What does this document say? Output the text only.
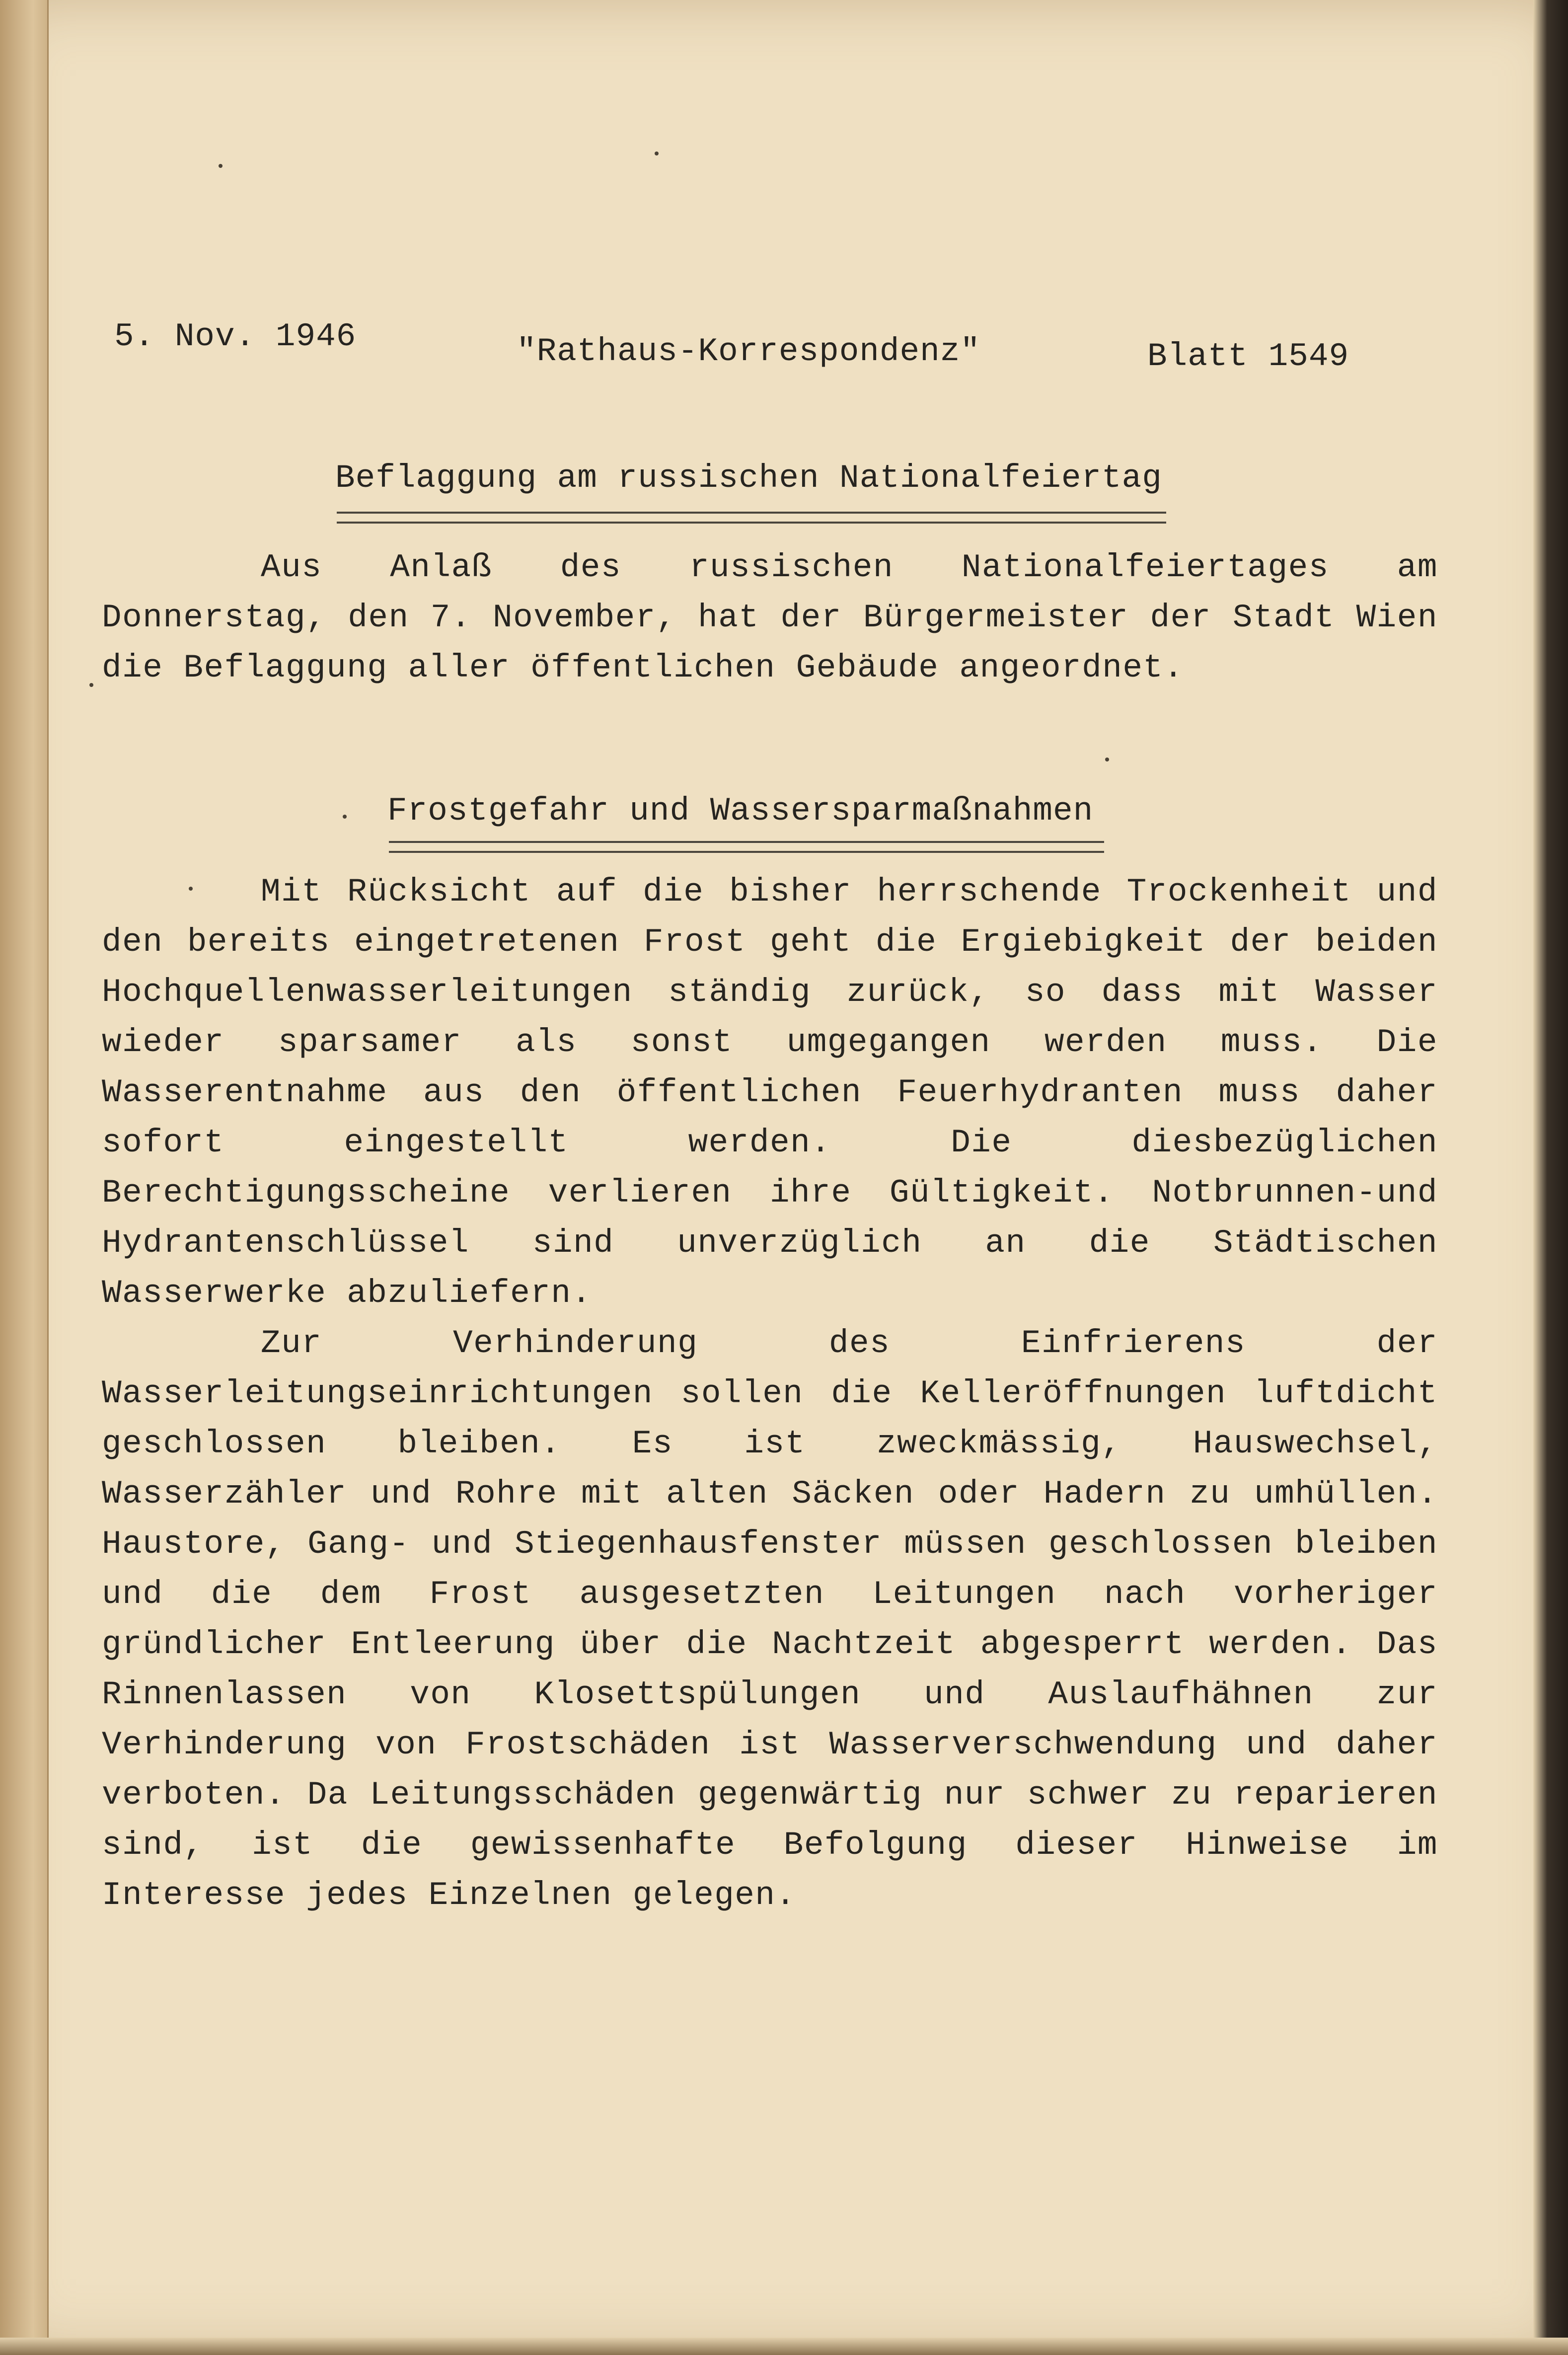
5. Nov. 1946	"Rathaus-Korrespondenz"	Blatt 1549
Beflaggung am russischen Nationalfeiertag

Aus Anlaß des russischen Nationalfeiertages am Donnerstag, den 7. November, hat der Bürgermeister der Stadt Wien die Beflaggung aller öffentlichen Gebäude angeordnet.

Frostgefahr und Wassersparmaßnahmen

Mit Rücksicht auf die bisher herrschende Trockenheit und den bereits eingetretenen Frost geht die Ergiebigkeit der beiden Hochquellenwasserleitungen ständig zurück, so dass mit Wasser wieder sparsamer als sonst umgegangen werden muss. Die Wasserentnahme aus den öffentlichen Feuerhydranten muss daher sofort eingestellt werden. Die diesbezüglichen Berechtigungsscheine verlieren ihre Gültigkeit. Notbrunnen-und Hydrantenschlüssel sind unverzüglich an die Städtischen Wasserwerke abzuliefern.

Zur Verhinderung des Einfrierens der Wasserleitungseinrichtungen sollen die Kelleröffnungen luftdicht geschlossen bleiben. Es ist zweckmässig, Hauswechsel, Wasserzähler und Rohre mit alten Säcken oder Hadern zu umhüllen. Haustore, Gang- und Stiegenhausfenster müssen geschlossen bleiben und die dem Frost ausgesetzten Leitungen nach vorheriger gründlicher Entleerung über die Nachtzeit abgesperrt werden. Das Rinnenlassen von Klosettspülungen und Auslaufhähnen zur Verhinderung von Frostschäden ist Wasserverschwendung und daher verboten. Da Leitungsschäden gegenwärtig nur schwer zu reparieren sind, ist die gewissenhafte Befolgung dieser Hinweise im Interesse jedes Einzelnen gelegen.
